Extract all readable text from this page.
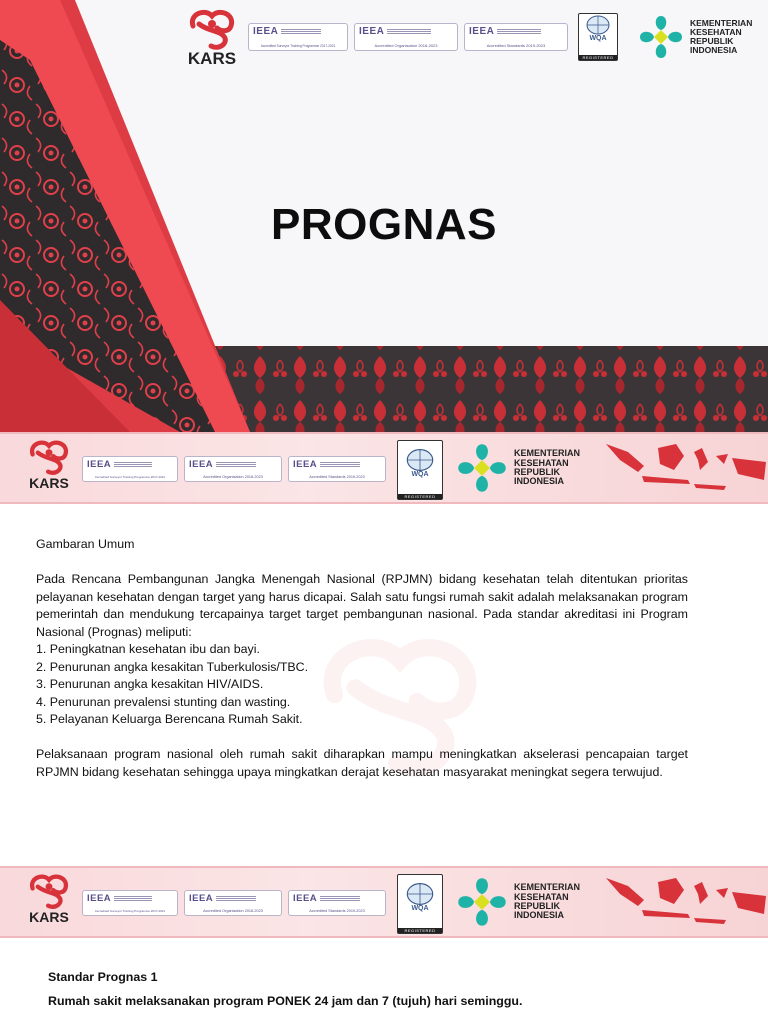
KARS
IEEA
Accredited Surveyor Training Programme 2017-2021
IEEA
Accredited Organisation 2018-2023
IEEA
Accredited Standards 2019-2023
WQA
REGISTERED
KEMENTERIAN
KESEHATAN
REPUBLIK
INDONESIA
PROGNAS
KARS
IEEA
Accredited Surveyor Training Programme 2017-2021
IEEA
Accredited Organisation 2018-2023
IEEA
Accredited Standards 2019-2023	WQA
REGISTERED
KEMENTERIAN
KESEHATAN
REPUBLIK
INDONESIA
Gambaran Umum

Pada Rencana Pembangunan Jangka Menengah Nasional (RPJMN) bidang kesehatan telah ditentukan prioritas pelayanan kesehatan dengan target yang harus dicapai. Salah satu fungsi rumah sakit adalah melaksanakan program pemerintah dan mendukung tercapainya target target pembangunan nasional. Pada standar akreditasi ini Program Nasional (Prognas) meliputi:

1. Peningkatnan kesehatan ibu dan bayi.
2. Penurunan angka kesakitan Tuberkulosis/TBC.
3. Penurunan angka kesakitan HIV/AIDS.
4. Penurunan prevalensi stunting dan wasting.
5. Pelayanan Keluarga Berencana Rumah Sakit.

Pelaksanaan program nasional oleh rumah sakit diharapkan mampu meningkatkan akselerasi pencapaian target RPJMN bidang kesehatan sehingga upaya mingkatkan derajat kesehatan masyarakat meningkat segera terwujud.

KARS
IEEA
Accredited Surveyor Training Programme 2017-2021
IEEA
Accredited Organisation 2018-2023
IEEA
Accredited Standards 2019-2023	WQA
REGISTERED
KEMENTERIAN
KESEHATAN
REPUBLIK
INDONESIA
Standar Prognas 1
Rumah sakit melaksanakan program PONEK 24 jam dan 7 (tujuh) hari seminggu.
